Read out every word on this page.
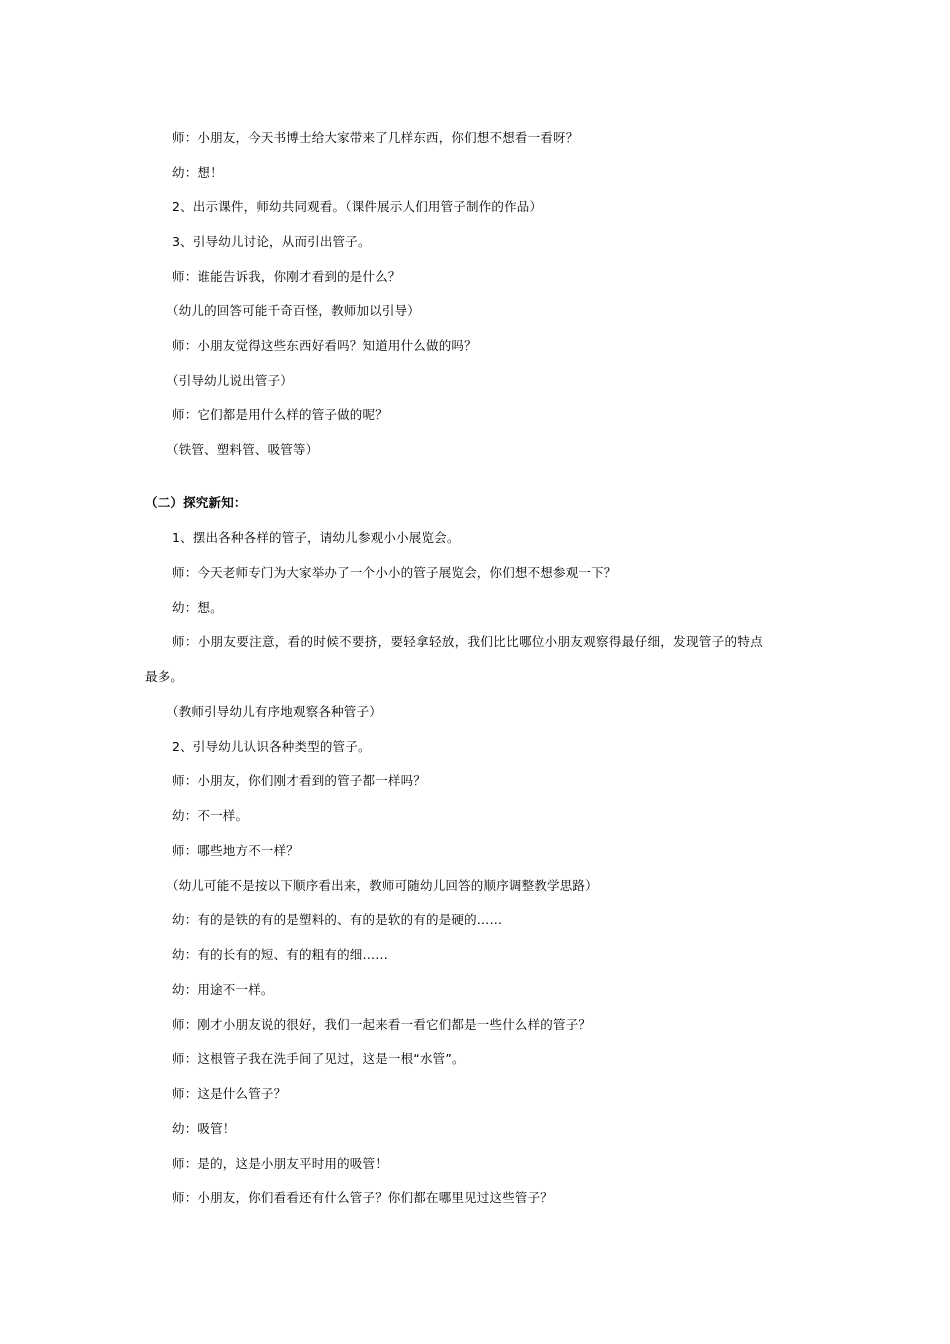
师：小朋友，今天书博士给大家带来了几样东西，你们想不想看一看呀？
幼：想！
2、出示课件，师幼共同观看。（课件展示人们用管子制作的作品）
3、引导幼儿讨论，从而引出管子。
师：谁能告诉我，你刚才看到的是什么？
（幼儿的回答可能千奇百怪，教师加以引导）
师：小朋友觉得这些东西好看吗？知道用什么做的吗？
（引导幼儿说出管子）
师：它们都是用什么样的管子做的呢？
（铁管、塑料管、吸管等）
（二）探究新知：
1、摆出各种各样的管子，请幼儿参观小小展览会。
师：今天老师专门为大家举办了一个小小的管子展览会，你们想不想参观一下？
幼：想。
师：小朋友要注意，看的时候不要挤，要轻拿轻放，我们比比哪位小朋友观察得最仔细，发现管子的特点
最多。
（教师引导幼儿有序地观察各种管子）
2、引导幼儿认识各种类型的管子。
师：小朋友，你们刚才看到的管子都一样吗？
幼：不一样。
师：哪些地方不一样？
（幼儿可能不是按以下顺序看出来，教师可随幼儿回答的顺序调整教学思路）
幼：有的是铁的有的是塑料的、有的是软的有的是硬的……
幼：有的长有的短、有的粗有的细……
幼：用途不一样。
师：刚才小朋友说的很好，我们一起来看一看它们都是一些什么样的管子？
师：这根管子我在洗手间了见过，这是一根“水管”。
师：这是什么管子？
幼：吸管！
师：是的，这是小朋友平时用的吸管！
师：小朋友，你们看看还有什么管子？你们都在哪里见过这些管子？
